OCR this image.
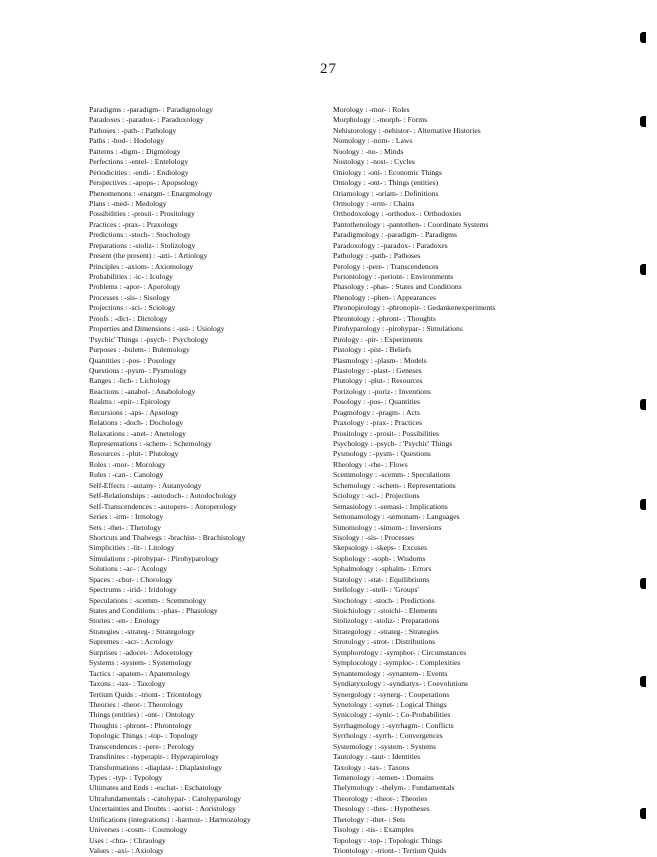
27
Paradigms : -paradigm- : Paradigmology
Paradoxes : -paradox- : Paradoxology
Pathoses : -path- : Pathology
Paths : -hod- : Hodology
Patterns : -digm- : Digmology
Perfections : -entel- : Entelology
Periodicities : -endi- : Endiology
Perspectives : -apops- : Apopsology
Phenomenons : -enargm- : Enargmology
Plans : -med- : Medology
Possibilities : -prosit- : Prositology
Practices : -prax- : Praxology
Predictions : -stoch- : Stochology
Preparations : -stoliz- : Stolizology
Present (the present) : -arti- : Artiology
Principles : -axiom- : Axiomology
Probabilities : -ic- : Icology
Problems : -apor- : Aporology
Processes : -sis- : Sisology
Projections : -sci- : Sciology
Proofs : -dict- : Dictology
Properties and Dimensions : -usi- : Usiology
'Psychic' Things : -psych- : Psychology
Purposes : -bulem- : Bulemology
Quantities : -pos- : Posology
Questions : -pysm- : Pysmology
Ranges : -lich- : Lichology
Reactions : -anabol- : Anabolology
Realms : -epir- : Epirology
Recursions : -aps- : Apsology
Relations : -doch- : Dochology
Relaxations : -anet- : Anetology
Representations : -schem- : Schemology
Resources : -plut- : Plutology
Roles : -mor- : Morology
Rules : -can- : Canology
Self-Effects : -autany- : Autanyology
Self-Relationships : -autodoch- : Autodochology
Self-Transcendences : -autopere- : Autoperology
Series : -irm- : Irmology
Sets : -thet- : Thetology
Shortcuts and Thalwegs : -brachist- : Brachistology
Simplicities : -lit- : Litology
Simulations : -pirohypar- : Pirohyparology
Solutions : -ac- : Acology
Spaces : -chor- : Chorology
Spectrums : -irid- : Iridology
Speculations : -scemm- : Scemmology
States and Conditions : -phas- : Phasology
Stories : -en- : Enology
Strategies : -strateg- : Strategology
Supremes : -acr- : Acrology
Surprises : -adocet- : Adocetology
Systems : -system- : Systemology
Tactics : -apatem- : Apatemology
Taxons : -tax- : Taxology
Tertium Quids : -triont- : Triontology
Theories : -theor- : Theorology
Things (entities) : -ont- : Ontology
Thoughts : -phront- : Phrontology
Topologic Things : -top- : Topology
Transcendences : -pere- : Perology
Transfinites : -hyperapir- : Hyperapirology
Transformations : -diaplast- : Diaplastology
Types : -typ- : Typology
Ultimates and Ends : -eschat- : Eschatology
Ultrafundamentals : -catohypar- : Catohyparology
Uncertainties and Doubts : -aorist- : Aoristology
Unifications (integrations) : -harmoz- : Harmozology
Universes : -cosm- : Cosmology
Uses : -chra- : Chraology
Values : -axi- : Axiology
Morology : -mor- : Roles
Morphology : -morph- : Forms
Nehistorology : -nehistor- : Alternative Histories
Nomology : -nom- : Laws
Noology : -no- : Minds
Nostology : -nost- : Cycles
Oniology : -oni- : Economic Things
Ontology : -ont- : Things (entities)
Oriamology : -oriam- : Definitions
Ormology : -orm- : Chains
Orthodoxology : -orthodox- : Orthodoxies
Pantothenology : -pantothen- : Coordinate Systems
Paradigmology : -paradigm- : Paradigms
Paradoxology : -paradox- : Paradoxes
Pathology : -path- : Pathoses
Perology : -pere- : Transcendences
Periontology : -periont- : Environments
Phasology : -phas- : States and Conditions
Phenology : -phen- : Appearances
Phronopirology : -phronopir- : Gedankenexperiments
Phrontology : -phront- : Thoughts
Pirohyparology : -pirohypar- : Simulations
Pirology : -pir- : Experiments
Pistology : -pist- : Beliefs
Plasmology : -plasm- : Models
Plastology : -plast- : Geneses
Plutology : -plut- : Resources
Porizology : -poriz- : Inventions
Posology : -pos- : Quantities
Pragmology : -pragm- : Acts
Praxology : -prax- : Practices
Prositology : -prosit- : Possibilities
Psychology : -psych- : 'Psychic' Things
Pysmology : -pysm- : Questions
Rheology : -rhe- : Flows
Scemmology : -scemm- : Speculations
Schemology : -schem- : Representations
Sciology : -sci- : Projections
Semasiology : -semasi- : Implications
Semonamology : -semonam- : Languages
Simomology : -simom- : Inversions
Sisology : -sis- : Processes
Skepsology : -skeps- : Excuses
Sophology : -soph- : Wisdoms
Sphalmology : -sphalm- : Errors
Statology : -stat- : Equilibriums
Stellology : -stell- : 'Groups'
Stochology : -stoch- : Predictions
Stoichiology : -stoichi- : Elements
Stolizology : -stoliz- : Preparations
Strategology : -strateg- : Strategies
Strotology : -strot- : Distributions
Symphorology : -symphor- : Circumstances
Symplocology : -symploc- : Complexities
Synantemology : -synantem- : Events
Syndiatyxology : -syndiatyx- : Coevolutions
Synergology : -synerg- : Cooperations
Synetology : -synet- : Logical Things
Synicology : -synic- : Co-Probabilities
Syrrhagmology : -syrrhagm- : Conflicts
Syrrhology : -syrrh- : Convergences
Systemology : -system- : Systems
Tautology : -taut- : Identities
Taxology : -tax- : Taxons
Temenology : -temen- : Domains
Thelymology : -thelym- : Fundamentals
Theorology : -theor- : Theories
Thesology : -thes- : Hypotheses
Thetology : -thet- : Sets
Tisology : -tis- : Examples
Topology : -top- : Topologic Things
Triontology : -triont- : Tertium Quids
